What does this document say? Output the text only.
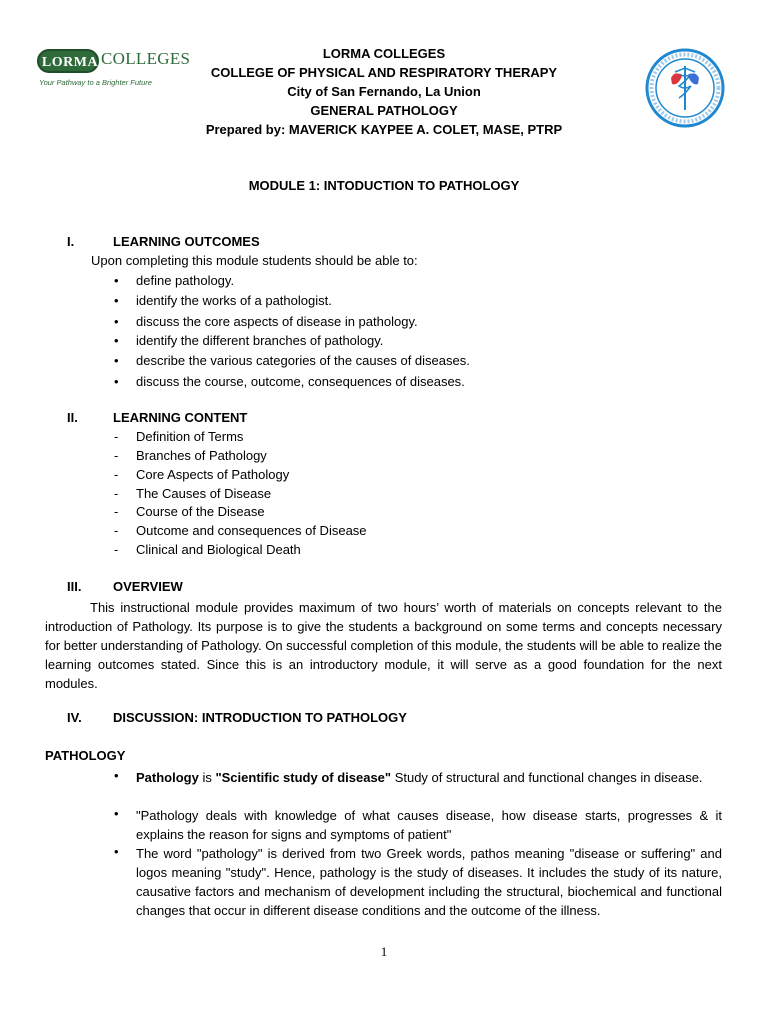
LORMA COLLEGES
Your Pathway to a Brighter Future
LORMA COLLEGES
COLLEGE OF PHYSICAL AND RESPIRATORY THERAPY
City of San Fernando, La Union
GENERAL PATHOLOGY
Prepared by: MAVERICK KAYPEE A. COLET, MASE, PTRP
MODULE 1: INTODUCTION TO PATHOLOGY
I.	LEARNING OUTCOMES
Upon completing this module students should be able to:
• define pathology.
• identify the works of a pathologist.
• discuss the core aspects of disease in pathology.
• identify the different branches of pathology.
• describe the various categories of the causes of diseases.
• discuss the course, outcome, consequences of diseases.
II.	LEARNING CONTENT
- Definition of Terms
- Branches of Pathology
- Core Aspects of Pathology
- The Causes of Disease
- Course of the Disease
- Outcome and consequences of Disease
- Clinical and Biological Death
III. OVERVIEW
This instructional module provides maximum of two hours’ worth of materials on concepts relevant to the introduction of Pathology. Its purpose is to give the students a background on some terms and concepts necessary for better understanding of Pathology. On successful completion of this module, the students will be able to realize the learning outcomes stated. Since this is an introductory module, it will serve as a good foundation for the next modules.
IV. DISCUSSION: INTRODUCTION TO PATHOLOGY
PATHOLOGY
• Pathology is "Scientific study of disease" Study of structural and functional changes in disease.
• "Pathology deals with knowledge of what causes disease, how disease starts, progresses & it explains the reason for signs and symptoms of patient"
• The word "pathology" is derived from two Greek words, pathos meaning "disease or suffering" and logos meaning "study". Hence, pathology is the study of diseases. It includes the study of its nature, causative factors and mechanism of development including the structural, biochemical and functional changes that occur in different disease conditions and the outcome of the illness.
1
